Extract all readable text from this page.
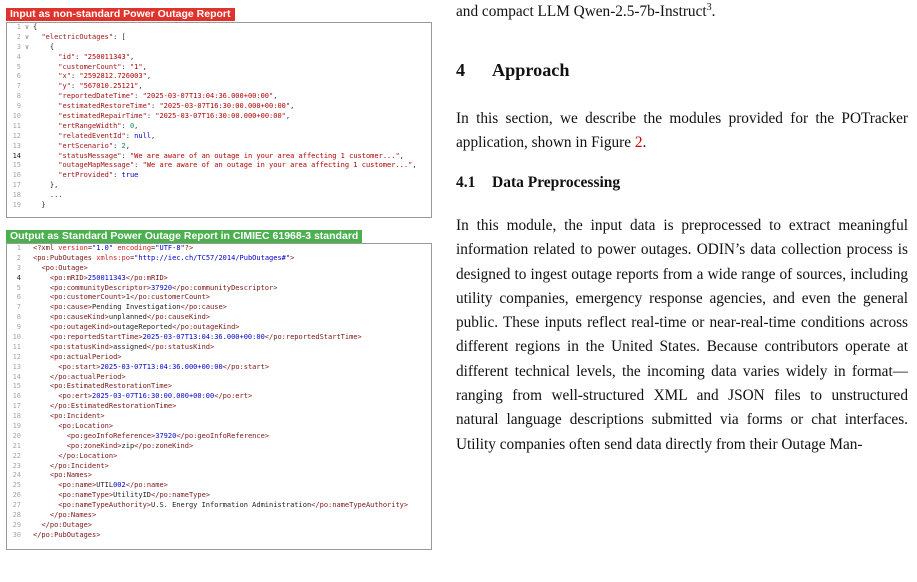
Input as non-standard Power Outage Report
1 ∨ {
2 ∨	"electricOutages": [
3 ∨ {
4	"id": "250011343",
5	"customerCount": "1",
6	"x": "2592812.726003",
7	"y": "567010.25121",
8	"reportedDateTime": "2025-03-07T13:04:36.000+00:00",
9	"estimatedRestoreTime": "2025-03-07T16:30:00.000+00:00",
10	"estimatedRepairTime": "2025-03-07T16:30:00.000+00:00",
11	"ertRangeWidth": 0,
12	"relatedEventId": null,
13	"ertScenario": 2,
14	"statusMessage": "We are aware of an outage in your area affecting 1 customer...",
15	"outageMapMessage": "We are aware of an outage in your area affecting 1 customer...",
16	"ertProvided": true
17 },
18 ...
19 }
Output as Standard Power Outage Report in CIMIEC 61968-3 standard
1 <?xml version="1.0" encoding="UTF-8"?>
2 <po:PubOutages xmlns:po="http://iec.ch/TC57/2014/PubOutages#">
3	<po:Outage>
4	<po:mRID>250011343</po:mRID>
5	<po:communityDescriptor>37920</po:communityDescriptor>
6	<po:customerCount>1</po:customerCount>
7	<po:cause>Pending Investigation</po:cause>
8	<po:causeKind>unplanned</po:causeKind>
9	<po:outageKind>outageReported</po:outageKind>
10	<po:reportedStartTime>2025-03-07T13:04:36.000+00:00</po:reportedStartTime>
11	<po:statusKind>assigned</po:statusKind>
12	<po:actualPeriod>
13	<po:start>2025-03-07T13:04:36.000+00:00</po:start>
14	</po:actualPeriod>
15	<po:EstimatedRestorationTime>
16	<po:ert>2025-03-07T16:30:00.000+00:00</po:ert>
17	</po:EstimatedRestorationTime>
18	<po:Incident>
19	<po:Location>
20	<po:geoInfoReference>37920</po:geoInfoReference>
21	<po:zoneKind>zip</po:zoneKind>
22	</po:Location>
23	</po:Incident>
24	<po:Names>
25	<po:name>UTIL002</po:name>
26	<po:nameType>UtilityID</po:nameType>
27	<po:nameTypeAuthority>U.S. Energy Information Administration</po:nameTypeAuthority>
28	</po:Names>
29	</po:Outage>
30 </po:PubOutages>
and compact LLM Qwen-2.5-7b-Instruct$^3$.
4 Approach
In this section, we describe the modules provided for the POTracker application, shown in Figure 2.
4.1 Data Preprocessing
In this module, the input data is preprocessed to extract meaningful information related to power outages. ODIN’s data collection process is designed to ingest outage reports from a wide range of sources, including utility companies, emergency response agencies, and even the general public. These inputs reflect real-time or near-real-time conditions across different regions in the United States. Because contributors operate at different technical levels, the incoming data varies widely in format—ranging from well-structured XML and JSON files to unstructured natural language descriptions submitted via forms or chat interfaces. Utility companies often send data directly from their Outage Man-
